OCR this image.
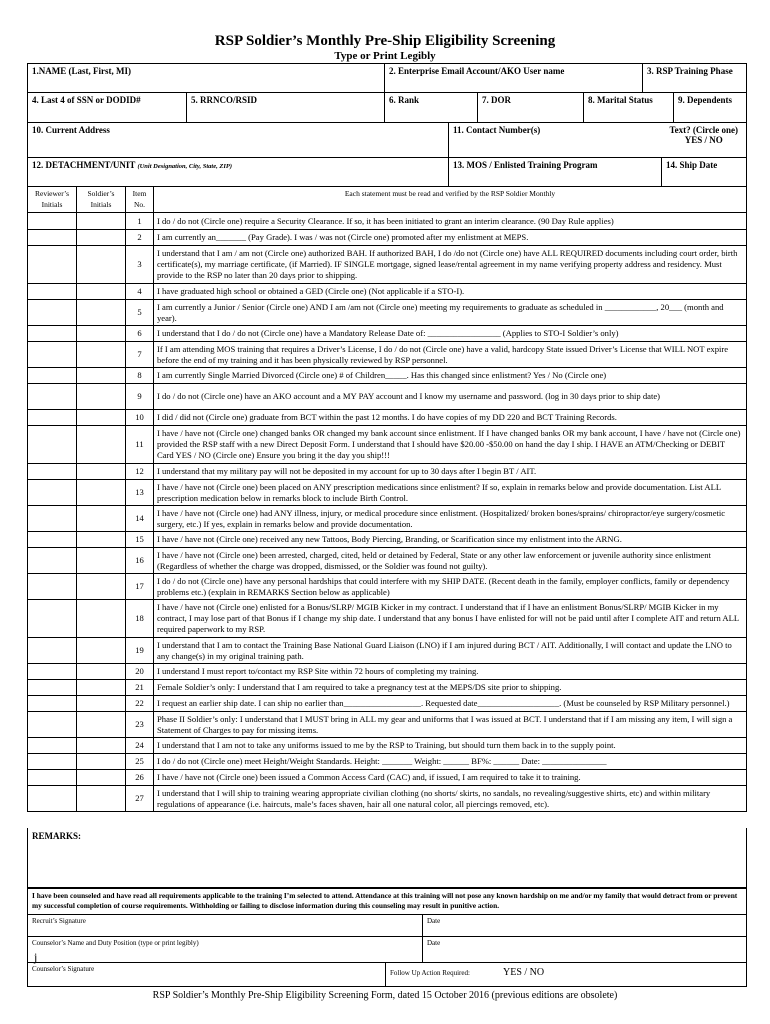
RSP Soldier’s Monthly Pre-Ship Eligibility Screening
Type or Print Legibly
1.NAME (Last, First, MI)	2. Enterprise Email Account/AKO User name	3. RSP Training Phase
4. Last 4 of SSN or DODID#	5. RRNCO/RSID	6. Rank	7. DOR	8. Marital Status	9. Dependents
10. Current Address	11. Contact Number(s)	Text? (Circle one)
YES / NO
12. DETACHMENT/UNIT (Unit Designation, City, State, ZIP)	13. MOS / Enlisted Training Program	14. Ship Date
Reviewer’s Initials	Soldier’s Initials	Item No.	Each statement must be read and verified by the RSP Soldier Monthly
		1	I do / do not (Circle one) require a Security Clearance. If so, it has been initiated to grant an interim clearance. (90 Day Rule applies)
		2	I am currently an_______ (Pay Grade). I was / was not (Circle one) promoted after my enlistment at MEPS.
		3	I understand that I am / am not (Circle one) authorized BAH. If authorized BAH, I do /do not (Circle one) have ALL REQUIRED documents including court order, birth certificate(s), my marriage certificate, (if Married). IF SINGLE mortgage, signed lease/rental agreement in my name verifying property address and residency. Must provide to the RSP no later than 20 days prior to shipping.
		4	I have graduated high school or obtained a GED (Circle one) (Not applicable if a STO-I).
		5	I am currently a Junior / Senior (Circle one) AND I am /am not (Circle one) meeting my requirements to graduate as scheduled in ____________, 20___ (month and year).
		6	I understand that I do / do not (Circle one) have a Mandatory Release Date of: _________________ (Applies to STO-I Soldier’s only)
		7	If I am attending MOS training that requires a Driver’s License, I do / do not (Circle one) have a valid, hardcopy State issued Driver’s License that WILL NOT expire before the end of my training and it has been physically reviewed by RSP personnel.
		8	I am currently Single Married Divorced (Circle one) # of Children_____. Has this changed since enlistment? Yes / No (Circle one)
		9	I do / do not (Circle one) have an AKO account and a MY PAY account and I know my username and password. (log in 30 days prior to ship date)
		10	I did / did not (Circle one) graduate from BCT within the past 12 months. I do have copies of my DD 220 and BCT Training Records.
		11	I have / have not (Circle one) changed banks OR changed my bank account since enlistment. If I have changed banks OR my bank account, I have / have not (Circle one) provided the RSP staff with a new Direct Deposit Form. I understand that I should have $20.00 -$50.00 on hand the day I ship. I HAVE an ATM/Checking or DEBIT Card YES / NO (Circle one) Ensure you bring it the day you ship!!!
		12	I understand that my military pay will not be deposited in my account for up to 30 days after I begin BT / AIT.
		13	I have / have not (Circle one) been placed on ANY prescription medications since enlistment? If so, explain in remarks below and provide documentation. List ALL prescription medication below in remarks block to include Birth Control.
		14	I have / have not (Circle one) had ANY illness, injury, or medical procedure since enlistment. (Hospitalized/ broken bones/sprains/ chiropractor/eye surgery/cosmetic surgery, etc.) If yes, explain in remarks below and provide documentation.
		15	I have / have not (Circle one) received any new Tattoos, Body Piercing, Branding, or Scarification since my enlistment into the ARNG.
		16	I have / have not (Circle one) been arrested, charged, cited, held or detained by Federal, State or any other law enforcement or juvenile authority since enlistment (Regardless of whether the charge was dropped, dismissed, or the Soldier was found not guilty).
		17	I do / do not (Circle one) have any personal hardships that could interfere with my SHIP DATE. (Recent death in the family, employer conflicts, family or dependency problems etc.) (explain in REMARKS Section below as applicable)
		18	I have / have not (Circle one) enlisted for a Bonus/SLRP/ MGIB Kicker in my contract. I understand that if I have an enlistment Bonus/SLRP/ MGIB Kicker in my contract, I may lose part of that Bonus if I change my ship date. I understand that any bonus I have enlisted for will not be paid until after I complete AIT and return ALL required paperwork to my RSP.
		19	I understand that I am to contact the Training Base National Guard Liaison (LNO) if I am injured during BCT / AIT. Additionally, I will contact and update the LNO to any change(s) in my original training path.
		20	I understand I must report to/contact my RSP Site within 72 hours of completing my training.
		21	Female Soldier’s only: I understand that I am required to take a pregnancy test at the MEPS/DS site prior to shipping.
		22	I request an earlier ship date. I can ship no earlier than__________________. Requested date___________________. (Must be counseled by RSP Military personnel.)
		23	Phase II Soldier’s only: I understand that I MUST bring in ALL my gear and uniforms that I was issued at BCT. I understand that if I am missing any item, I will sign a Statement of Charges to pay for missing items.
		24	I understand that I am not to take any uniforms issued to me by the RSP to Training, but should turn them back in to the supply point.
		25	I do / do not (Circle one) meet Height/Weight Standards. Height: _______ Weight: ______ BF%: ______ Date: _______________
		26	I have / have not (Circle one) been issued a Common Access Card (CAC) and, if issued, I am required to take it to training.
		27	I understand that I will ship to training wearing appropriate civilian clothing (no shorts/ skirts, no sandals, no revealing/suggestive shirts, etc) and within military regulations of appearance (i.e. haircuts, male’s faces shaven, hair all one natural color, all piercings removed, etc).
REMARKS:
I have been counseled and have read all requirements applicable to the training I’m selected to attend. Attendance at this training will not pose any known hardship on me and/or my family that would detract from or prevent my successful completion of course requirements. Withholding or failing to disclose information during this counseling may result in punitive action.
Recruit’s Signature	Date
Counselor’s Name and Duty Position (type or print legibly)
j
Date
Counselor’s Signature	Follow Up Action Required:	YES / NO
RSP Soldier’s Monthly Pre-Ship Eligibility Screening Form, dated 15 October 2016 (previous editions are obsolete)
